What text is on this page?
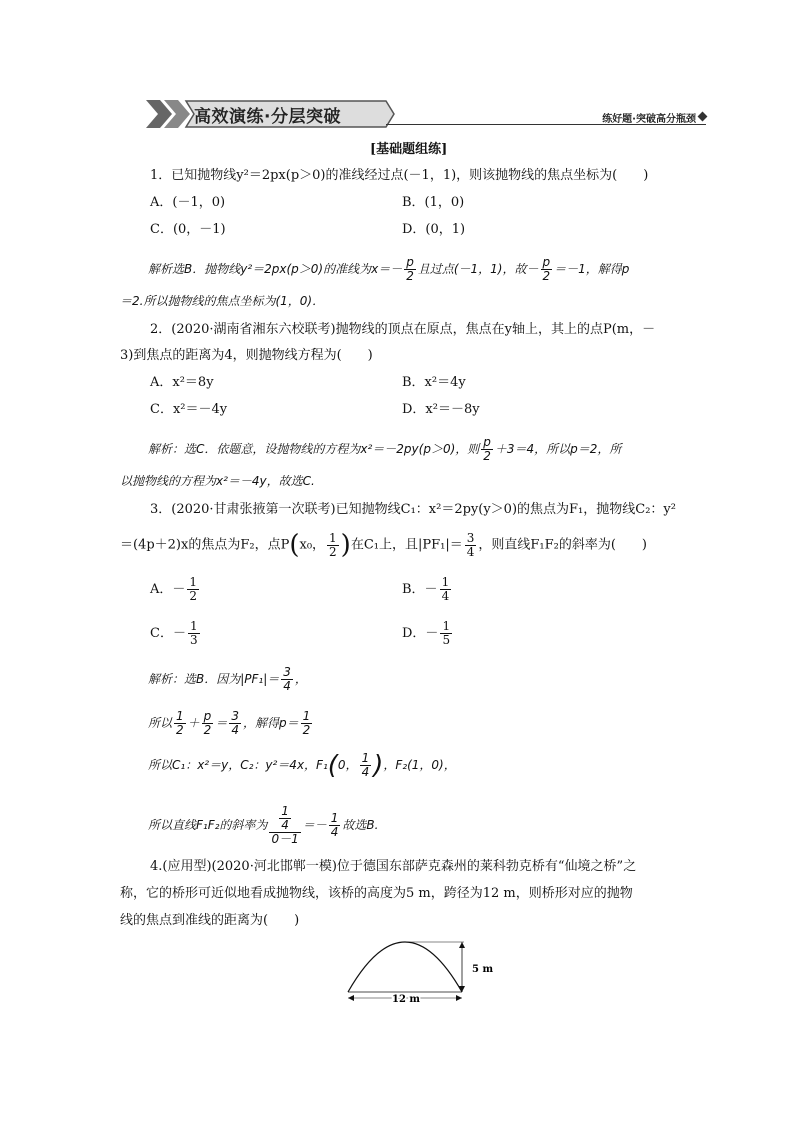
高效演练·分层突破	练好题·突破高分瓶颈
[基础题组练]
1．已知抛物线y²＝2px(p＞0)的准线经过点(－1，1)，则该抛物线的焦点坐标为(　　)
A．(－1，0)	B．(1，0)
C．(0，－1)	D．(0，1)
解析选B．抛物线y²＝2px(p＞0)的准线为$x=- \frac{p}{2}$ 且过点(－1，1)，故－ $\frac{p}{2} =-1$，解得p
＝2.所以抛物线的焦点坐标为(1，0)．
2．(2020·湖南省湘东六校联考)抛物线的顶点在原点，焦点在y轴上，其上的点P(m，－
3)到焦点的距离为4，则抛物线方程为(　　)
A．x²＝8y	B．x²＝4y
C．x²＝－4y	D．x²＝－8y
解析：选C．依题意，设抛物线的方程为x²＝－2py(p＞0)，则 $\frac{p}{2} +3=4$，所以p＝2，所
以抛物线的方程为x²＝－4y，故选C.
3．(2020·甘肃张掖第一次联考)已知抛物线C₁：x²＝2py(y＞0)的焦点为F₁，抛物线C₂：y²
＝(4p＋2)x的焦点为F₂，点P(x₀， $\frac{1}{2}$ )在C₁上，且$|PF_1|= \frac{3}{4}$ ，则直线F₁F₂的斜率为(　　)
A．－ $\frac{1}{2}$	B．－ $\frac{1}{4}$
C．－ $\frac{1}{3}$	D．－ $\frac{1}{5}$
解析：选B．因为$|PF_1|= \frac{3}{4}$ ，
所以 $\frac{1}{2} + \frac{p}{2} = \frac{3}{4}$ ，解得$p= \frac{1}{2}$
所以C₁：x²＝y，C₂：y²＝4x，F₁(0， $\frac{1}{4}$ )，F₂(1，0)，
所以直线F₁F₂的斜率为 $\frac{\frac{1}{4}}{0-1} =- \frac{1}{4}$ 故选B.
4.(应用型)(2020·河北邯郸一模)位于德国东部萨克森州的莱科勃克桥有“仙境之桥”之
称，它的桥形可近似地看成抛物线，该桥的高度为5 m，跨径为12 m，则桥形对应的抛物
线的焦点到准线的距离为(　　)
5 m
12 m
